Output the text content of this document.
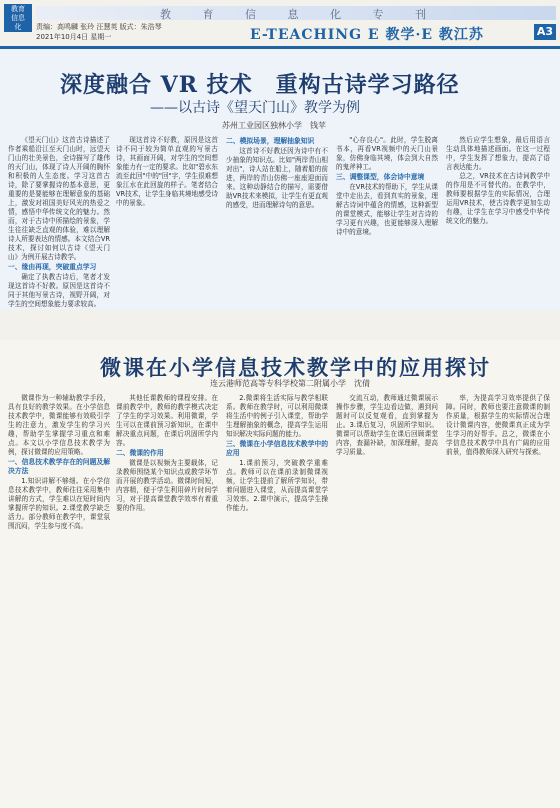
教育
信息
化
教 育 信 息 化 专 刊
责编：高鸣麟 张玲 汪慧英 版式：朱浩琴
2021年10月4日 星期一	E-TEACHING E 教学·E 教江苏	A3
深度融合 VR 技术　重构古诗学习路径
——以古诗《望天门山》教学为例
苏州工业园区独林小学　钱苹

《望天门山》这首古诗描述了作者乘船沿江至天门山时，远望天门山的壮美景色，全诗描写了雄伟的天门山，体现了诗人开阔的胸怀和积极的人生态度。学习这首古诗，除了要掌握诗的基本意思，更重要的是要能够在理解意象的基础上，激发对祖国美好风光的热爱之情，感悟中华传统文化的魅力。然而，对于古诗中所描绘的景象，学生往往缺乏直观的体验，难以理解诗人所要表达的情感。本文结合VR技术，探讨如何以古诗《望天门山》为例开展古诗教学。

一、缘由再现，突破重点学习

确定了执教古诗后，笔者才发现这首诗不好教。原因是这首诗不同于其他写景古诗，视野开阔，对学生的空间想象能力要求较高。

现这首诗不好教，原因是这首诗不同于较为简单直观的写景古诗，其画面开阔，对学生的空间想象能力有一定的要求。比如"碧水东流至此回"中的"回"字，学生很难想象江水在此回旋的样子。笔者结合VR技术，让学生身临其境地感受诗中的景象。

二、模拟场景，理解抽象知识

这首诗不好教还因为诗中有不少抽象的知识点。比如"两岸青山相对出"，诗人站在船上，随着船的前进，两岸的青山仿佛一座座迎面而来。这种动静结合的描写，需要借助VR技术来模拟，让学生有更直观的感受，进而理解诗句的意思。

"心存良心"。此时，学生脱离书本，再看VR视频中的天门山景象，仿佛身临其境，体会到大自然的鬼斧神工。

三、调整课型，体会诗中意境

在VR技术的帮助下，学生从课堂中走出去，看到真实的景象，理解古诗词中蕴含的情感，这种新型的课堂模式，能够让学生对古诗的学习更有兴趣，也更能够深入理解诗中的意境。

然后应学生想象，最后用语言生动具体地描述画面。在这一过程中，学生发挥了想象力，提高了语言表达能力。

总之，VR技术在古诗词教学中的作用是不可替代的。在教学中，教师要根据学生的实际情况，合理运用VR技术，使古诗教学更加生动有趣，让学生在学习中感受中华传统文化的魅力。

微课在小学信息技术教学中的应用探讨
连云港师范高等专科学校第二附属小学　沈倩

微课作为一种辅助教学手段，具有良好的教学效果。在小学信息技术教学中，微课能够有效吸引学生的注意力，激发学生的学习兴趣，帮助学生掌握学习重点和难点。本文以小学信息技术教学为例，探讨微课的应用策略。

一、信息技术教学存在的问题及解决方法

1.知识讲解不够细。在小学信息技术教学中，教师往往采用集中讲解的方式，学生难以在短时间内掌握所学的知识。2.课堂教学缺乏活力。部分教师在教学中，课堂氛围沉闷，学生参与度不高。

其他任课教师的课程安排。在课前教学中，教师的教学模式决定了学生的学习效果。利用微课，学生可以在课前预习新知识，在课中解决重点问题，在课后巩固所学内容。

二、微课的作用

微课是以视频为主要载体，记录教师围绕某个知识点或教学环节而开展的教学活动。微课时间短，内容精，便于学生利用碎片时间学习，对于提高课堂教学效率有着重要的作用。

2.微课将生活实际与教学相联系。教师在教学时，可以利用微课将生活中的例子引入课堂，帮助学生理解抽象的概念，提高学生运用知识解决实际问题的能力。

三、微课在小学信息技术教学中的应用

1.课前预习，突破教学重难点。教师可以在课前录制微课视频，让学生提前了解所学知识，带着问题进入课堂，从而提高课堂学习效率。2.课中演示，提高学生操作能力。

交流互动，教师通过微课展示操作步骤，学生边看边做，遇到问题时可以反复观看，直到掌握为止。3.课后复习，巩固所学知识。微课可以帮助学生在课后回顾课堂内容，查漏补缺，加深理解，提高学习质量。

率，为提高学习效率提供了保障。同时，教师也要注意微课的制作质量，根据学生的实际情况合理设计微课内容，使微课真正成为学生学习的好帮手。总之，微课在小学信息技术教学中具有广阔的应用前景，值得教师深入研究与探索。
